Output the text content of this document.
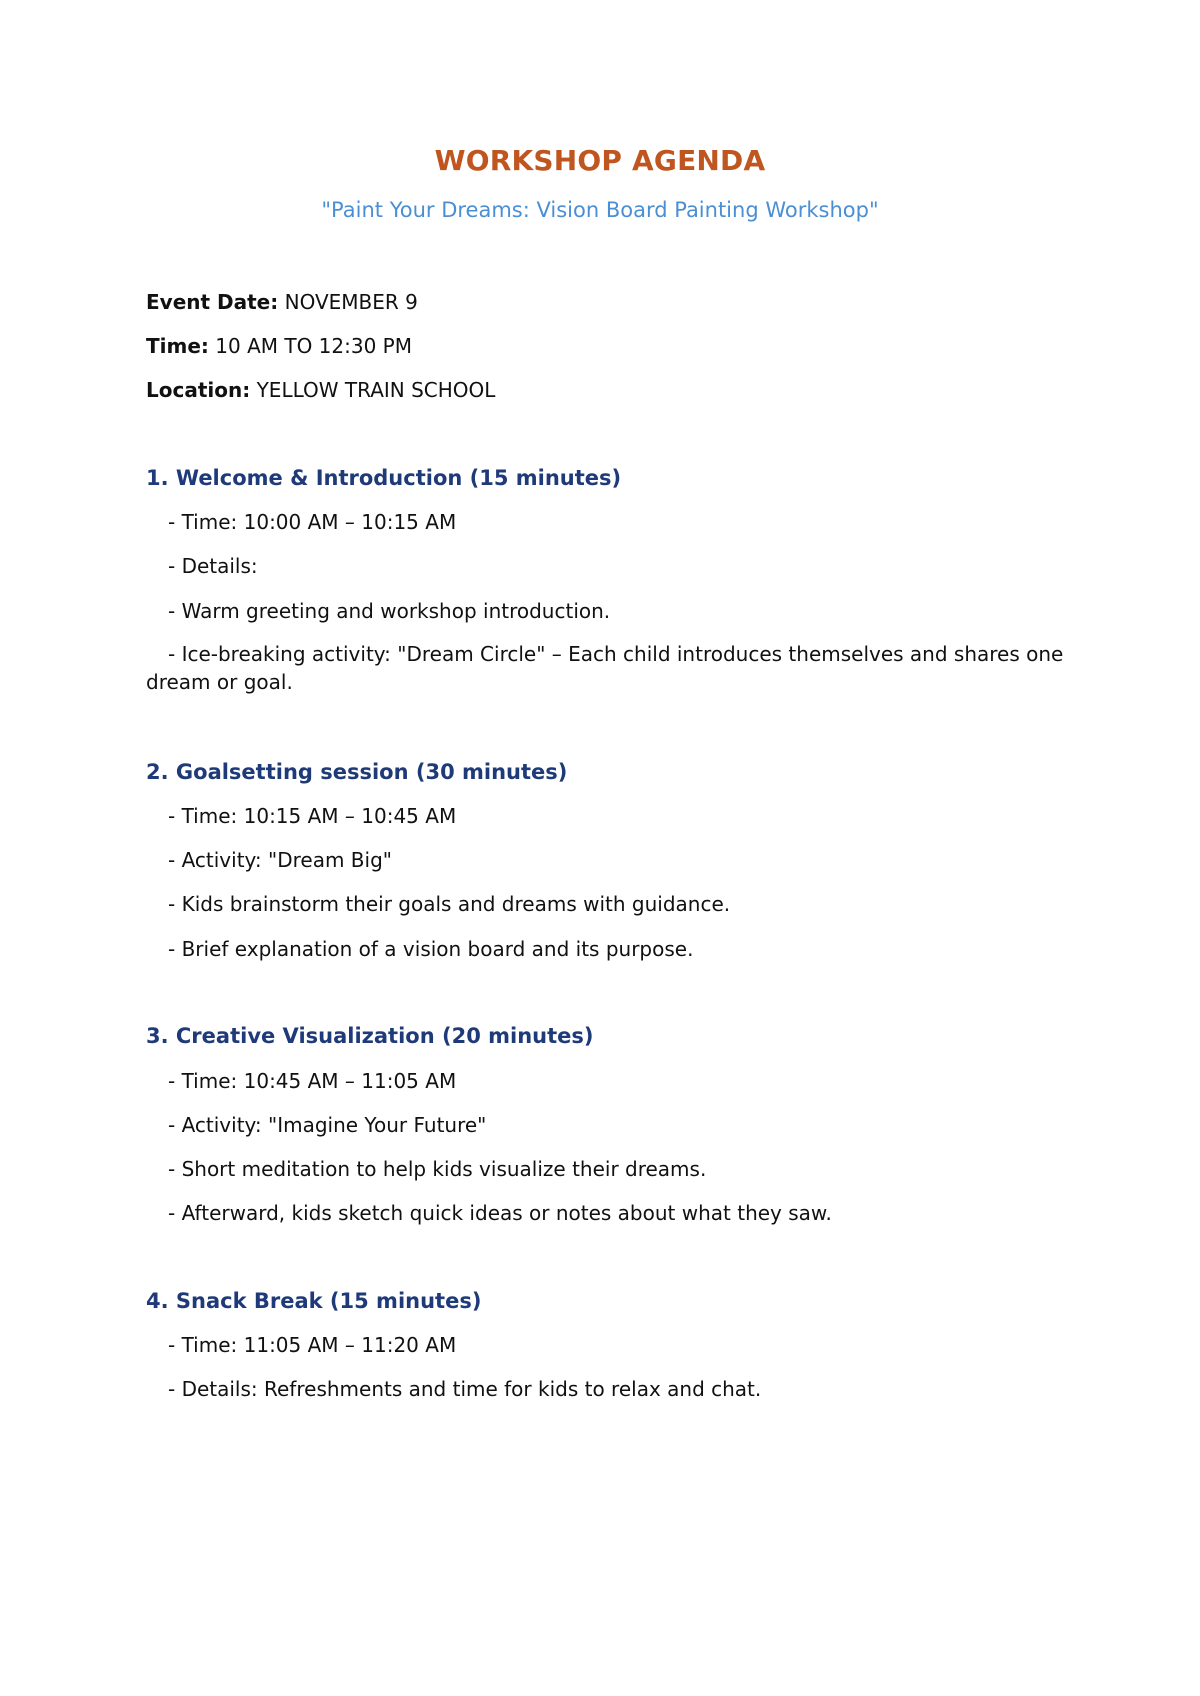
WORKSHOP AGENDA
"Paint Your Dreams: Vision Board Painting Workshop"
Event Date: NOVEMBER 9
Time: 10 AM TO 12:30 PM
Location: YELLOW TRAIN SCHOOL
1. Welcome & Introduction (15 minutes)
- Time: 10:00 AM – 10:15 AM
- Details:
- Warm greeting and workshop introduction.
- Ice-breaking activity: "Dream Circle" – Each child introduces themselves and shares one dream or goal.
2. Goalsetting session (30 minutes)
- Time: 10:15 AM – 10:45 AM
- Activity: "Dream Big"
- Kids brainstorm their goals and dreams with guidance.
- Brief explanation of a vision board and its purpose.
3. Creative Visualization (20 minutes)
- Time: 10:45 AM – 11:05 AM
- Activity: "Imagine Your Future"
- Short meditation to help kids visualize their dreams.
- Afterward, kids sketch quick ideas or notes about what they saw.
4. Snack Break (15 minutes)
- Time: 11:05 AM – 11:20 AM
- Details: Refreshments and time for kids to relax and chat.
